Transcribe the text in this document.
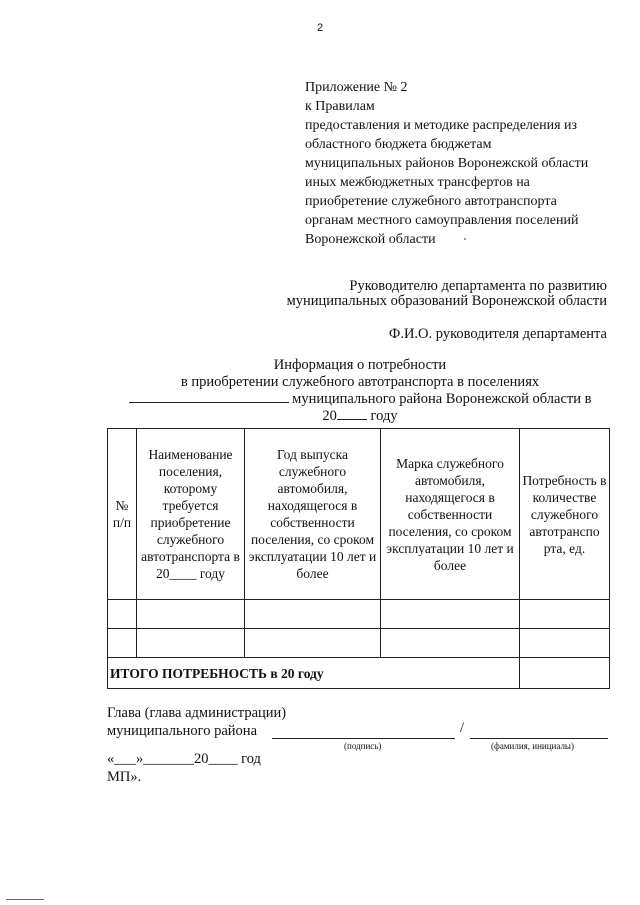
2
Приложение № 2
к Правилам
предоставления и методике распределения из
областного бюджета бюджетам
муниципальных районов Воронежской области
иных межбюджетных трансфертов на
приобретение служебного автотранспорта
органам местного самоуправления поселений
Воронежской области
Руководителю департамента по развитию
муниципальных образований Воронежской области
Ф.И.О. руководителя департамента
Информация о потребности
в приобретении служебного автотранспорта в поселениях
муниципального района Воронежской области в
20 году
№ п/п	Наименование поселения, которому требуется приобретение служебного автотранспорта в 20____ году	Год выпуска служебного автомобиля, находящегося в собственности поселения, со сроком эксплуатации 10 лет и более	Марка служебного автомобиля, находящегося в собственности поселения, со сроком эксплуатации 10 лет и более	Потребность в количестве служебного автотранспо рта, ед.

ИТОГО ПОТРЕБНОСТЬ в 20 году				
Глава (глава администрации)
муниципального района	/
(подпись)	(фамилия, инициалы)
«___»_______20____ год
МП».
